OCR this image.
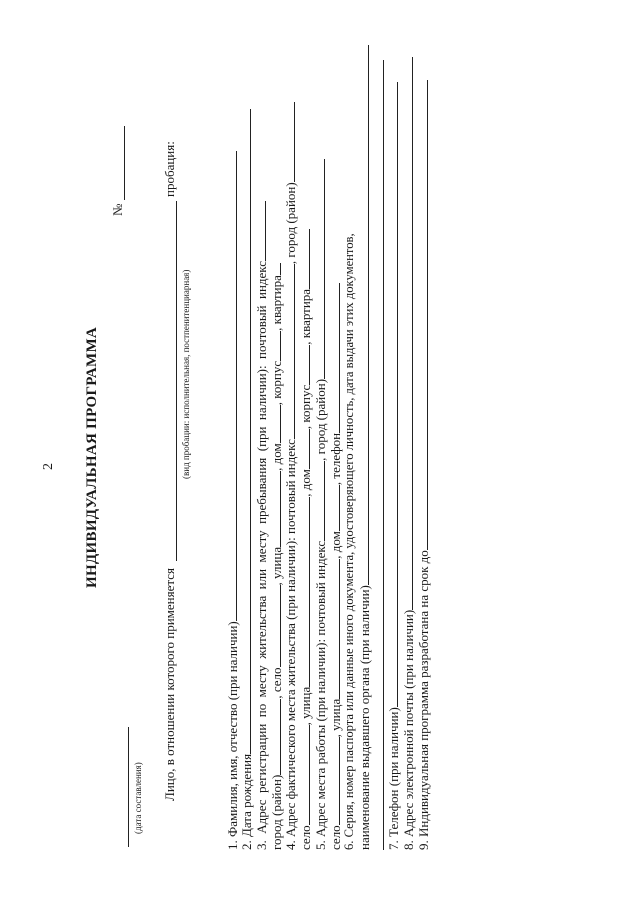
2 ИНДИВИДУАЛЬНАЯ ПРОГРАММА
(дата составления)
№
Лицо, в отношении которого применяется
пробация:
(вид пробации: исполнительная, постпенитенциарная)
1. Фамилия, имя, отчество (при наличии) 2. Дата рождения 3. Адрес регистрации по месту жительства или месту пребывания (при наличии): почтовый индекс город (район), село, улица, дом, корпус, квартира
4. Адрес фактического места жительства (при наличии): почтовый индекс, город (район)
село, улица, дом, корпус, квартира
5. Адрес места работы (при наличии): почтовый индекс, город (район)
село, улица, дом, телефон 6. Серия, номер паспорта или данные иного документа, удостоверяющего личность, дата выдачи этих документов, наименование выдавшего органа (при наличии) 7. Телефон (при наличии) 8. Адрес электронной почты (при наличии) 9. Индивидуальная программа разработана на срок до
